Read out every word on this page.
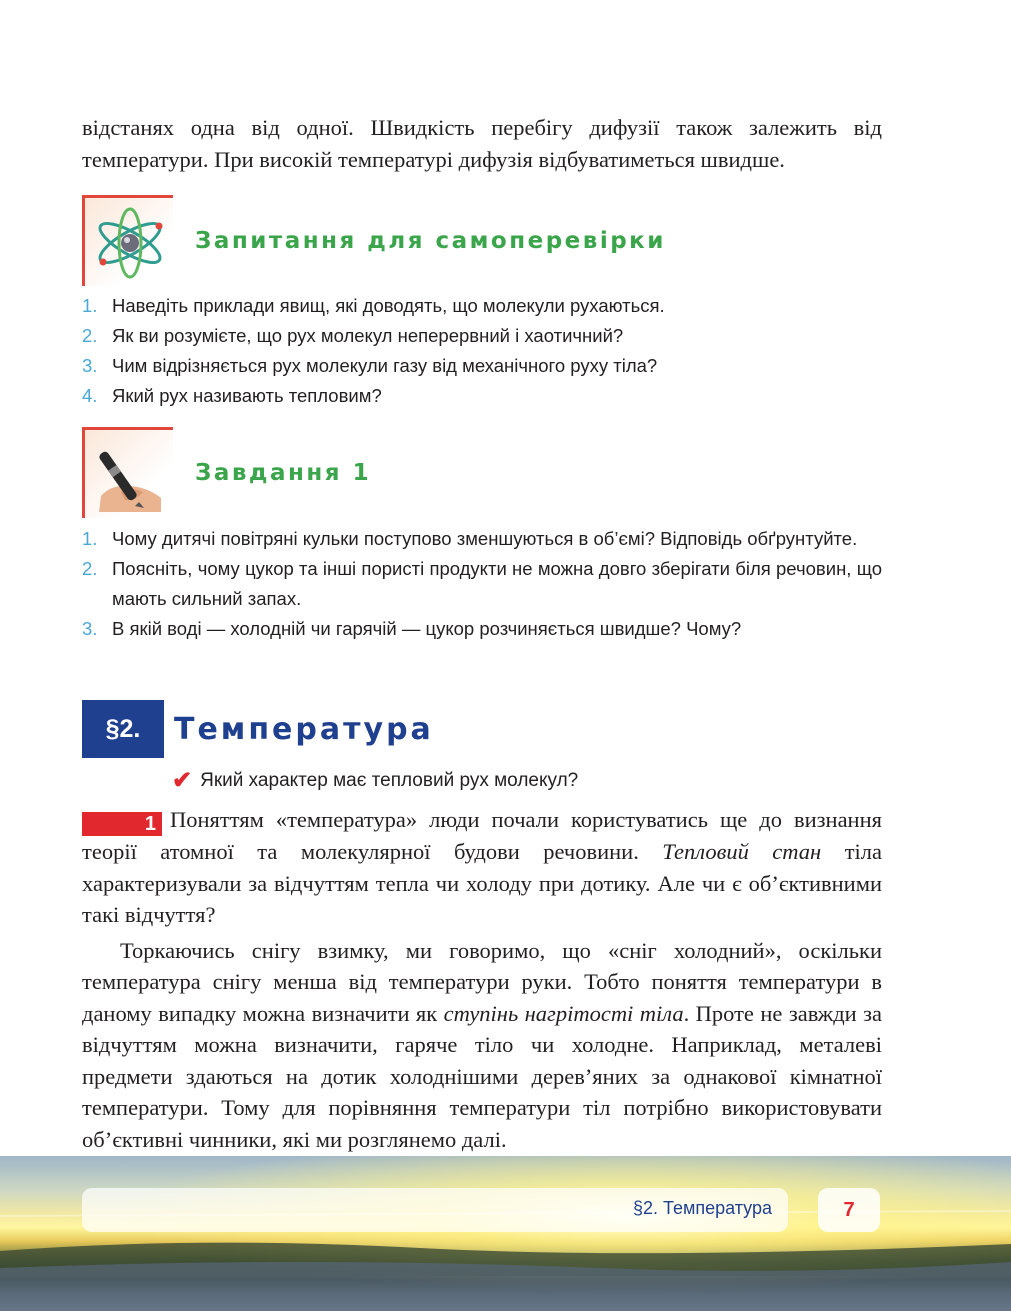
відстанях одна від одної. Швидкість перебігу дифузії також залежить від температури. При високій температурі дифузія відбуватиметься швидше.

Запитання для самоперевірки
1. Наведіть приклади явищ, які доводять, що молекули рухаються.
2. Як ви розумієте, що рух молекул неперервний і хаотичний?
3. Чим відрізняється рух молекули газу від механічного руху тіла?
4. Який рух називають тепловим?
Завдання 1
1. Чому дитячі повітряні кульки поступово зменшуються в об’ємі? Відповідь обґрунтуйте.
2. Поясніть, чому цукор та інші пористі продукти не можна довго зберігати біля речовин, що мають сильний запах.
3. В якій воді — холодній чи гарячій — цукор розчиняється швидше? Чому?
§2.	Температура
✔ Який характер має тепловий рух молекул?

1 Поняттям «температура» люди почали користуватись ще до визнання теорії атомної та молекулярної будови речовини. Тепловий стан тіла характеризували за відчуттям тепла чи холоду при дотику. Але чи є об’єктивними такі відчуття?

Торкаючись снігу взимку, ми говоримо, що «сніг холодний», оскільки температура снігу менша від температури руки. Тобто поняття температури в даному випадку можна визначити як ступінь нагрітості тіла. Проте не завжди за відчуттям можна визначити, гаряче тіло чи холодне. Наприклад, металеві предмети здаються на дотик холоднішими дерев’яних за однакової кімнатної температури. Тому для порівняння температури тіл потрібно використовувати об’єктивні чинники, які ми розглянемо далі.

§2. Температура	7
